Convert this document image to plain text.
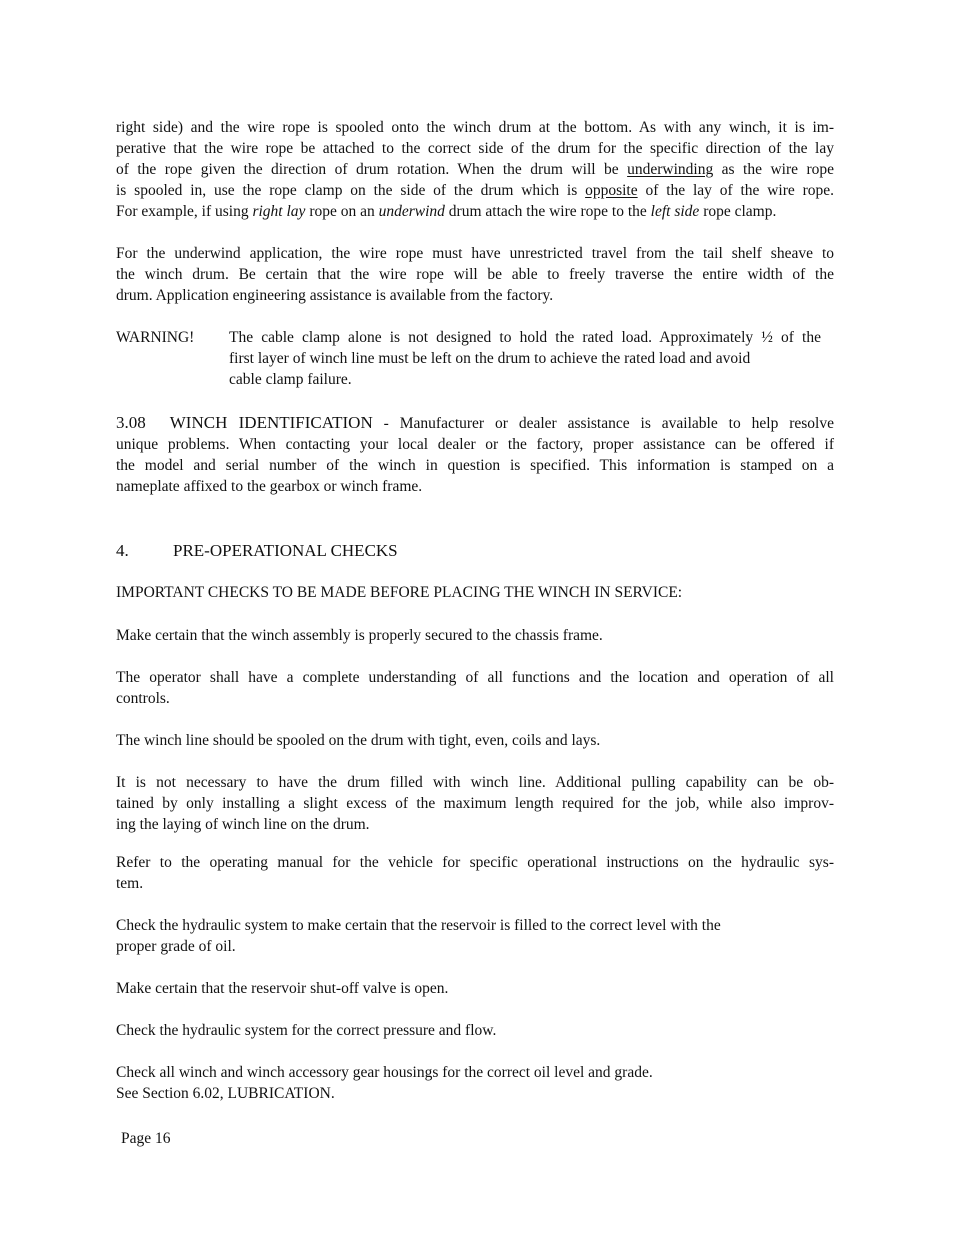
right side) and the wire rope is spooled onto the winch drum at the bottom. As with any winch, it is im-
perative that the wire rope be attached to the correct side of the drum for the specific direction of the lay
of the rope given the direction of drum rotation. When the drum will be underwinding as the wire rope
is spooled in, use the rope clamp on the side of the drum which is opposite of the lay of the wire rope.
For example, if using right lay rope on an underwind drum attach the wire rope to the left side rope clamp.
For the underwind application, the wire rope must have unrestricted travel from the tail shelf sheave to
the winch drum. Be certain that the wire rope will be able to freely traverse the entire width of the
drum. Application engineering assistance is available from the factory.
WARNING! The cable clamp alone is not designed to hold the rated load. Approximately ½ of the
first layer of winch line must be left on the drum to achieve the rated load and avoid
cable clamp failure.
3.08 WINCH IDENTIFICATION - Manufacturer or dealer assistance is available to help resolve
unique problems. When contacting your local dealer or the factory, proper assistance can be offered if
the model and serial number of the winch in question is specified. This information is stamped on a
nameplate affixed to the gearbox or winch frame.
4.	PRE-OPERATIONAL CHECKS
IMPORTANT CHECKS TO BE MADE BEFORE PLACING THE WINCH IN SERVICE:
Make certain that the winch assembly is properly secured to the chassis frame.
The operator shall have a complete understanding of all functions and the location and operation of all
controls.
The winch line should be spooled on the drum with tight, even, coils and lays.
It is not necessary to have the drum filled with winch line. Additional pulling capability can be ob-
tained by only installing a slight excess of the maximum length required for the job, while also improv-
ing the laying of winch line on the drum.
Refer to the operating manual for the vehicle for specific operational instructions on the hydraulic sys-
tem.
Check the hydraulic system to make certain that the reservoir is filled to the correct level with the
proper grade of oil.
Make certain that the reservoir shut-off valve is open.
Check the hydraulic system for the correct pressure and flow.
Check all winch and winch accessory gear housings for the correct oil level and grade.
See Section 6.02, LUBRICATION.
Page 16
